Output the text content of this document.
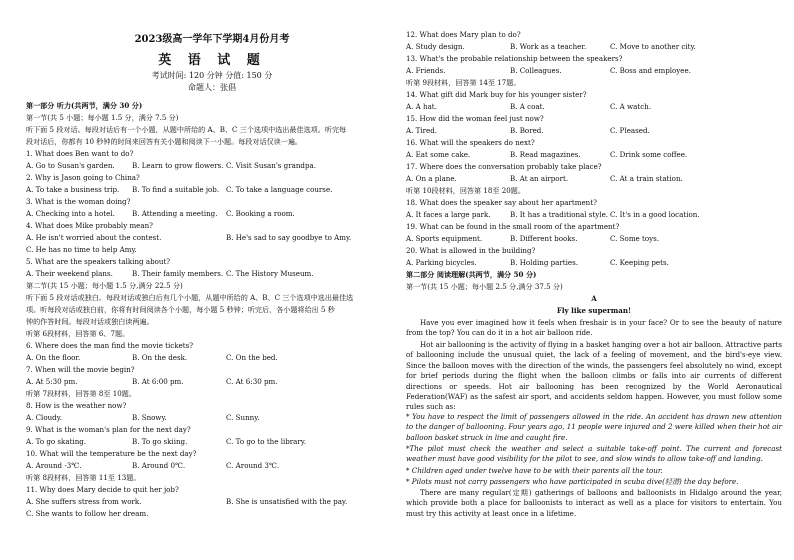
2023级高一学年下学期4月份月考
英 语 试 题
考试时间: 120 分钟 分值: 150 分
命题人：张倡
第一部分 听力(共两节，满分 30 分)
第一节(共 5 小题；每小题 1.5 分，满分 7.5 分)
听下面 5 段对话。每段对话后有一个小题，从题中所给的 A、B、C 三个选项中选出最佳选项。听完每
段对话后，你都有 10 秒钟的时间来回答有关小题和阅读下一小题。每段对话仅读一遍。
1. What does Ben want to do?
A. Go to Susan's garden. B. Learn to grow flowers. C. Visit Susan's grandpa.
2. Why is Jason going to China?
A. To take a business trip. B. To find a suitable job. C. To take a language course.
3. What is the woman doing?
A. Checking into a hotel. B. Attending a meeting. C. Booking a room.
4. What does Mike probably mean?
A. He isn't worried about the contest.	B. He's sad to say goodbye to Amy.
C. He has no time to help Amy.
5. What are the speakers talking about?
A. Their weekend plans.	B. Their family members. C. The History Museum.
第二节(共 15 小题；每小题 1.5 分,满分 22.5 分)
听下面 5 段对话或独白。每段对话或独白后有几个小题，从题中所给的 A、B、C 三个选项中选出最佳选
项。听每段对话或独白前，你将有时间阅读各个小题，每小题 5 秒钟；听完后，各小题将给出 5 秒
钟的作答时间。每段对话或独白读两遍。
听第 6段材料，回答第 6、7题。
6. Where does the man find the movie tickets?
A. On the floor.	B. On the desk.	C. On the bed.
7. When will the movie begin?
A. At 5:30 pm.	B. At 6:00 pm.	C. At 6:30 pm.
听第 7段材料，回答第 8至 10题。
8. How is the weather now?
A. Cloudy.	B. Snowy.	C. Sunny.
9. What is the woman's plan for the next day?
A. To go skating.	B. To go skiing.	C. To go to the library.
10. What will the temperature be the next day?
A. Around -3℃.	B. Around 0℃.	C. Around 3℃.
听第 8段材料，回答第 11至 13题。
11. Why does Mary decide to quit her job?
A. She suffers stress from work.	B. She is unsatisfied with the pay.
C. She wants to follow her dream.
12. What does Mary plan to do?
A. Study design.	B. Work as a teacher.	C. Move to another city.
13. What's the probable relationship between the speakers?
A. Friends.	B. Colleagues.	C. Boss and employee.
听第 9段材料，回答第 14至 17题。
14. What gift did Mark buy for his younger sister?
A. A hat.	B. A coat.	C. A watch.
15. How did the woman feel just now?
A. Tired.	B. Bored.	C. Pleased.
16. What will the speakers do next?
A. Eat some cake.	B. Read magazines.	C. Drink some coffee.
17. Where does the conversation probably take place?
A. On a plane.	B. At an airport.	C. At a train station.
听第 10段材料，回答第 18至 20题。
18. What does the speaker say about her apartment?
A. It faces a large park.	B. It has a traditional style. C. It's in a good location.
19. What can be found in the small room of the apartment?
A. Sports equipment.	B. Different books.	C. Some toys.
20. What is allowed in the building?
A. Parking bicycles.	B. Holding parties.	C. Keeping pets.
第二部分 阅读理解(共两节，满分 50 分)
第一节(共 15 小题；每小题 2.5 分,满分 37.5 分)
A
Fly like superman!
Have you ever imagined how it feels when freshair is in your face? Or to see the beauty of nature from the top? You can do it in a hot air balloon ride.
Hot air ballooning is the activity of flying in a basket hanging over a hot air balloon. Attractive parts of ballooning include the unusual quiet, the lack of a feeling of movement, and the bird's-eye view. Since the balloon moves with the direction of the winds, the passengers feel absolutely no wind, except for brief periods during the flight when the balloon climbs or falls into air currents of different directions or speeds. Hot air ballooning has been recognized by the World Aeronautical Federation(WAF) as the safest air sport, and accidents seldom happen. However, you must follow some rules such as:
* You have to respect the limit of passengers allowed in the ride. An accident has drawn new attention to the danger of ballooning. Four years ago, 11 people were injured and 2 were killed when their hot air balloon basket struck in line and caught fire.
*The pilot must check the weather and select a suitable take-off point. The current and forecast weather must have good visibility for the pilot to see, and slow winds to allow take-off and landing.
* Children aged under twelve have to be with their parents all the tour.
* Pilots must not carry passengers who have participated in scuba dive(轻潜) the day before.
There are many regular(定期) gatherings of balloons and balloonists in Hidalgo around the year, which provide both a place for balloonists to interact as well as a place for visitors to entertain. You must try this activity at least once in a lifetime.
